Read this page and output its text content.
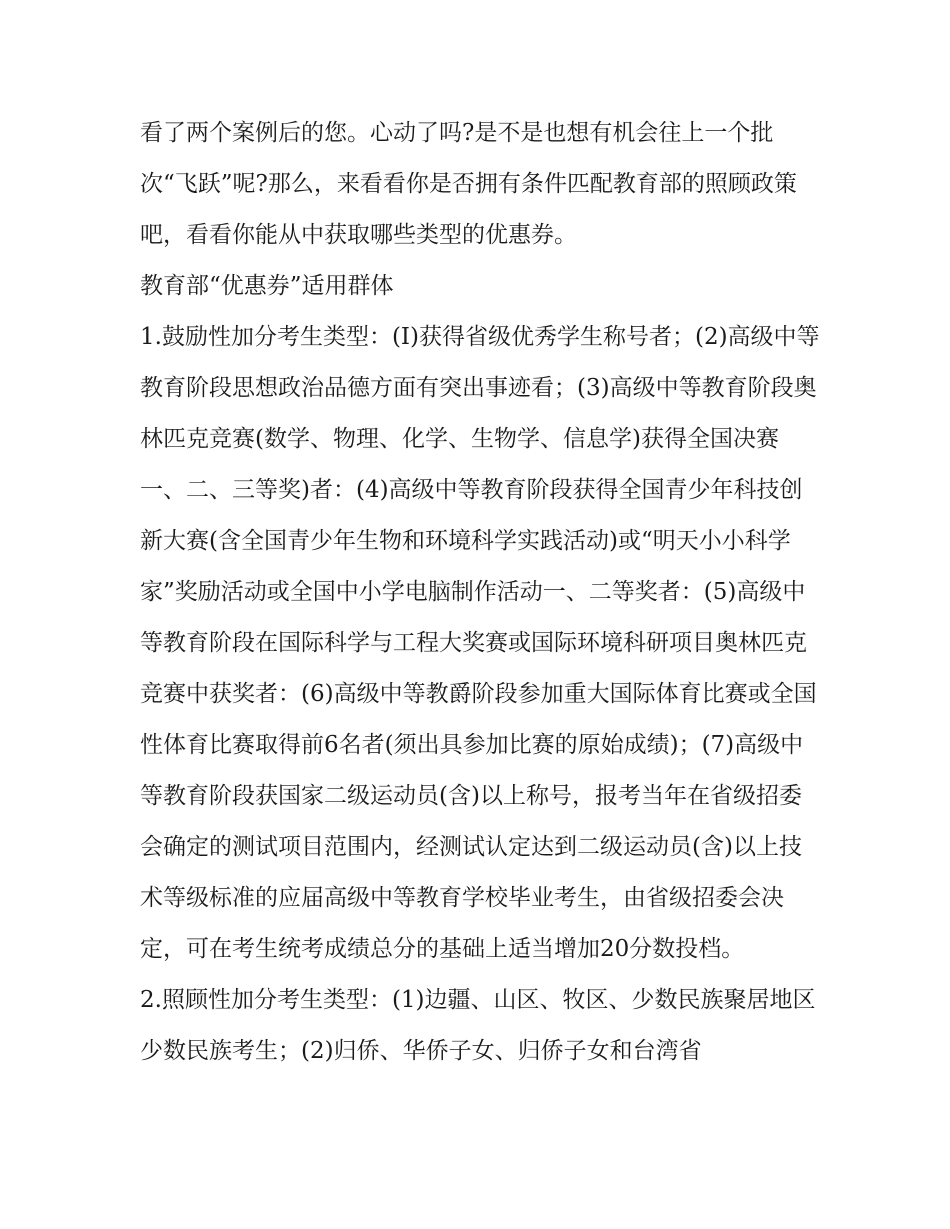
看了两个案例后的您。心动了吗?是不是也想有机会往上一个批次“飞跃”呢?那么，来看看你是否拥有条件匹配教育部的照顾政策吧，看看你能从中获取哪些类型的优惠券。

教育部“优惠券”适用群体

1.鼓励性加分考生类型：(I)获得省级优秀学生称号者；(2)高级中等教育阶段思想政治品德方面有突出事迹看；(3)高级中等教育阶段奥林匹克竞赛(数学、物理、化学、生物学、信息学)获得全国决赛一、二、三等奖)者：(4)高级中等教育阶段获得全国青少年科技创新大赛(含全国青少年生物和环境科学实践活动)或“明天小小科学家”奖励活动或全国中小学电脑制作活动一、二等奖者：(5)高级中等教育阶段在国际科学与工程大奖赛或国际环境科研项目奥林匹克竞赛中获奖者：(6)高级中等教爵阶段参加重大国际体育比赛或全国性体育比赛取得前6名者(须出具参加比赛的原始成绩)；(7)高级中等教育阶段获国家二级运动员(含)以上称号，报考当年在省级招委会确定的测试项目范围内，经测试认定达到二级运动员(含)以上技术等级标准的应届高级中等教育学校毕业考生，由省级招委会决定，可在考生统考成绩总分的基础上适当增加20分数投档。

2.照顾性加分考生类型：(1)边疆、山区、牧区、少数民族聚居地区少数民族考生；(2)归侨、华侨子女、归侨子女和台湾省
